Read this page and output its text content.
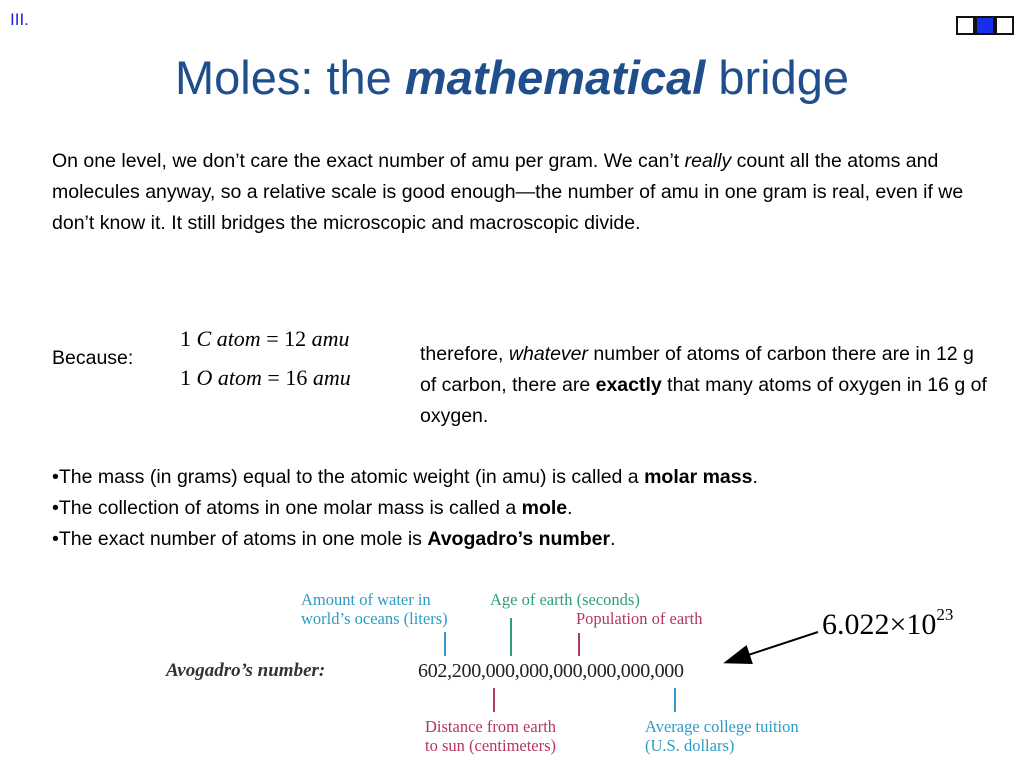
III.
Moles: the mathematical bridge
On one level, we don’t care the exact number of amu per gram. We can’t really count all the atoms and molecules anyway, so a relative scale is good enough—the number of amu in one gram is real, even if we don’t know it. It still bridges the microscopic and macroscopic divide.
Because:
1 C atom = 12 amu
1 O atom = 16 amu
therefore, whatever number of atoms of carbon there are in 12 g of carbon, there are exactly that many atoms of oxygen in 16 g of oxygen.
•The mass (in grams) equal to the atomic weight (in amu) is called a molar mass.
•The collection of atoms in one molar mass is called a mole.
•The exact number of atoms in one mole is Avogadro’s number.
Amount of water in
world’s oceans (liters)
Age of earth (seconds)
Population of earth
Distance from earth
to sun (centimeters)
Average college tuition
(U.S. dollars)
Avogadro’s number:	602,200,000,000,000,000,000,000
$6.022\times 10^{23}$
